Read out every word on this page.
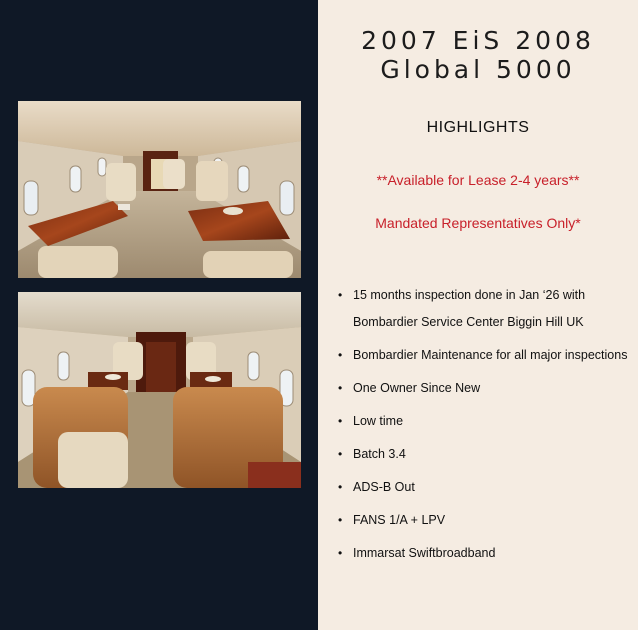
2007 EiS 2008
Global 5000
HIGHLIGHTS
**Available for Lease 2-4 years**
Mandated Representatives Only*
• 15 months inspection done in Jan ‘26 with Bombardier Service Center Biggin Hill UK
• Bombardier Maintenance for all major inspections
• One Owner Since New
• Low time
• Batch 3.4
• ADS-B Out
• FANS 1/A + LPV
• Immarsat Swiftbroadband
